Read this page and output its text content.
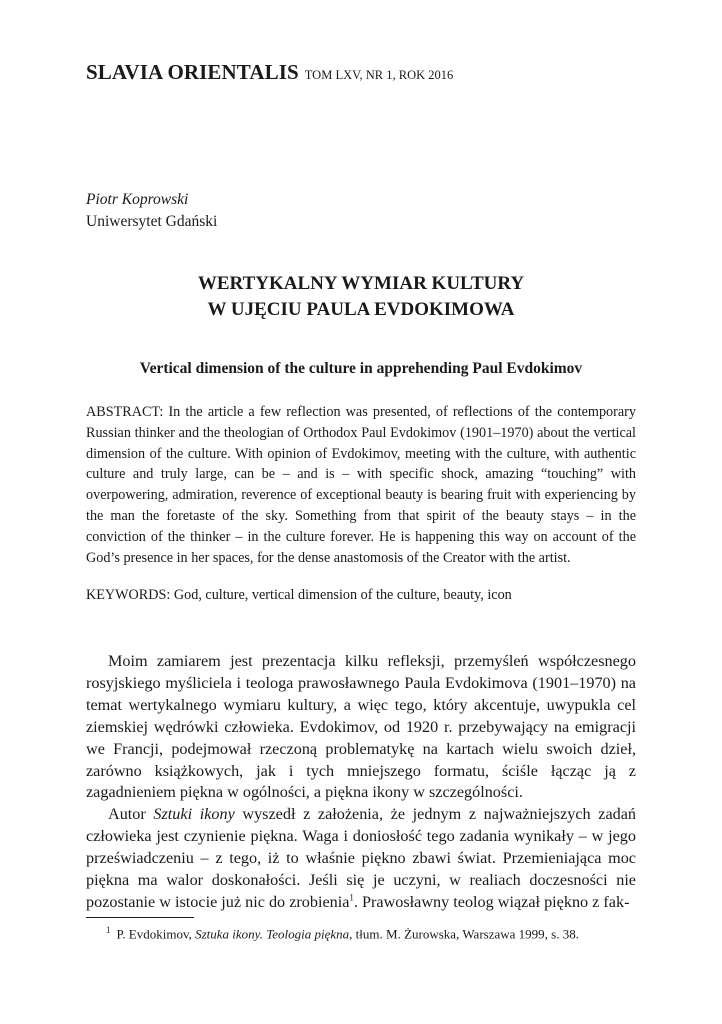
SLAVIA ORIENTALIS TOM LXV, NR 1, ROK 2016
Piotr Koprowski
Uniwersytet Gdański
WERTYKALNY WYMIAR KULTURY
W UJĘCIU PAULA EVDOKIMOWA
Vertical dimension of the culture in apprehending Paul Evdokimov
ABSTRACT: In the article a few reflection was presented, of reflections of the contemporary Russian thinker and the theologian of Orthodox Paul Evdokimov (1901–1970) about the vertical dimension of the culture. With opinion of Evdokimov, meeting with the culture, with authentic culture and truly large, can be – and is – with specific shock, amazing “touching” with overpowering, admiration, reverence of exceptional beauty is bearing fruit with experiencing by the man the foretaste of the sky. Something from that spirit of the beauty stays – in the conviction of the thinker – in the culture forever. He is happening this way on account of the God’s presence in her spaces, for the dense anastomosis of the Creator with the artist.
KEYWORDS: God, culture, vertical dimension of the culture, beauty, icon

Moim zamiarem jest prezentacja kilku refleksji, przemyśleń współczesnego rosyjskiego myśliciela i teologa prawosławnego Paula Evdokimova (1901–1970) na temat wertykalnego wymiaru kultury, a więc tego, który akcentuje, uwypukla cel ziemskiej wędrówki człowieka. Evdokimov, od 1920 r. przebywający na emigracji we Francji, podejmował rzeczoną problematykę na kartach wielu swoich dzieł, zarówno książkowych, jak i tych mniejszego formatu, ściśle łącząc ją z zagadnieniem piękna w ogólności, a piękna ikony w szczególności.

Autor Sztuki ikony wyszedł z założenia, że jednym z najważniejszych zadań człowieka jest czynienie piękna. Waga i doniosłość tego zadania wynikały – w jego przeświadczeniu – z tego, iż to właśnie piękno zbawi świat. Przemieniająca moc piękna ma walor doskonałości. Jeśli się je uczyni, w realiach doczesności nie pozostanie w istocie już nic do zrobienia$^1$. Prawosławny teolog wiązał piękno z fak-

$^1$ P. Evdokimov, Sztuka ikony. Teologia piękna, tłum. M. Żurowska, Warszawa 1999, s. 38.
